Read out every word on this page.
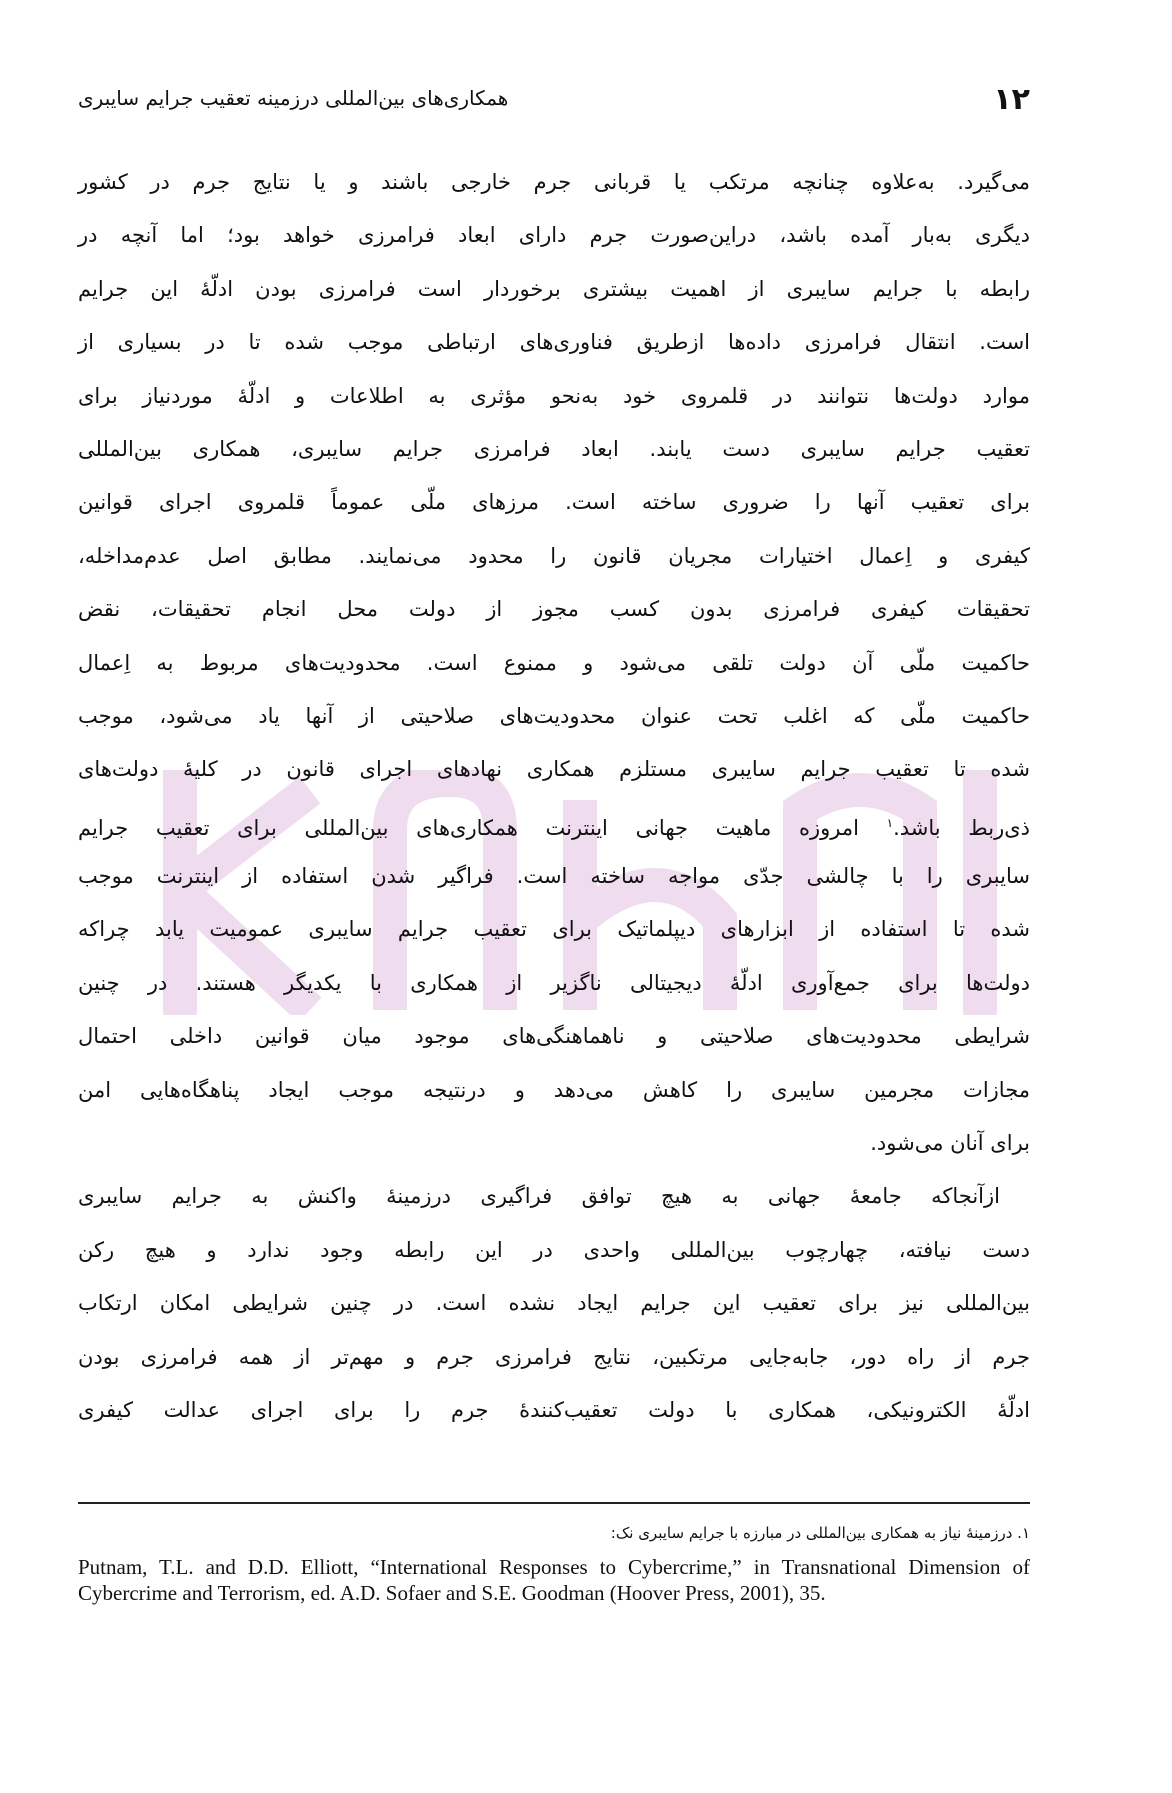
۱۲
همکاری‌های بین‌المللی درزمینه تعقیب جرایم سایبری
می‌گیرد. به‌علاوه چنانچه مرتکب یا قربانی جرم خارجی باشند و یا نتایج جرم در کشور
دیگری به‌بار آمده باشد، دراین‌صورت جرم دارای ابعاد فرامرزی خواهد بود؛ اما آنچه در
رابطه با جرایم سایبری از اهمیت بیشتری برخوردار است فرامرزی بودن ادلّهٔ این جرایم
است. انتقال فرامرزی داده‌ها ازطریق فناوری‌های ارتباطی موجب شده تا در بسیاری از
موارد دولت‌ها نتوانند در قلمروی خود به‌نحو مؤثری به اطلاعات و ادلّهٔ موردنیاز برای
تعقیب جرایم سایبری دست یابند. ابعاد فرامرزی جرایم سایبری، همکاری بین‌المللی
برای تعقیب آنها را ضروری ساخته است. مرزهای ملّی عموماً قلمروی اجرای قوانین
کیفری و اِعمال اختیارات مجریان قانون را محدود می‌نمایند. مطابق اصل عدم‌مداخله،
تحقیقات کیفری فرامرزی بدون کسب مجوز از دولت محل انجام تحقیقات، نقض
حاکمیت ملّی آن دولت تلقی می‌شود و ممنوع است. محدودیت‌های مربوط به اِعمال
حاکمیت ملّی که اغلب تحت عنوان محدودیت‌های صلاحیتی از آنها یاد می‌شود، موجب
شده تا تعقیب جرایم سایبری مستلزم همکاری نهادهای اجرای قانون در کلیهٔ دولت‌های
ذی‌ربط باشد.$^۱$ امروزه ماهیت جهانی اینترنت همکاری‌های بین‌المللی برای تعقیب جرایم
سایبری را با چالشی جدّی مواجه ساخته است. فراگیر شدن استفاده از اینترنت موجب
شده تا استفاده از ابزارهای دیپلماتیک برای تعقیب جرایم سایبری عمومیت یابد چراکه
دولت‌ها برای جمع‌آوری ادلّهٔ دیجیتالی ناگزیر از همکاری با یکدیگر هستند. در چنین
شرایطی محدودیت‌های صلاحیتی و ناهماهنگی‌های موجود میان قوانین داخلی احتمال
مجازات مجرمین سایبری را کاهش می‌دهد و درنتیجه موجب ایجاد پناهگاه‌هایی امن
برای آنان می‌شود.
ازآنجاکه جامعهٔ جهانی به هیچ توافق فراگیری درزمینهٔ واکنش به جرایم سایبری
دست نیافته، چهارچوب بین‌المللی واحدی در این رابطه وجود ندارد و هیچ رکن
بین‌المللی نیز برای تعقیب این جرایم ایجاد نشده است. در چنین شرایطی امکان ارتکاب
جرم از راه دور، جابه‌جایی مرتکبین، نتایج فرامرزی جرم و مهم‌تر از همه فرامرزی بودن
ادلّهٔ الکترونیکی، همکاری با دولت تعقیب‌کنندهٔ جرم را برای اجرای عدالت کیفری
۱. درزمینهٔ نیاز به همکاری بین‌المللی در مبارزه با جرایم سایبری نک:
Putnam, T.L. and D.D. Elliott, “International Responses to Cybercrime,” in Transnational Dimension of Cybercrime and Terrorism, ed. A.D. Sofaer and S.E. Goodman (Hoover Press, 2001), 35.
